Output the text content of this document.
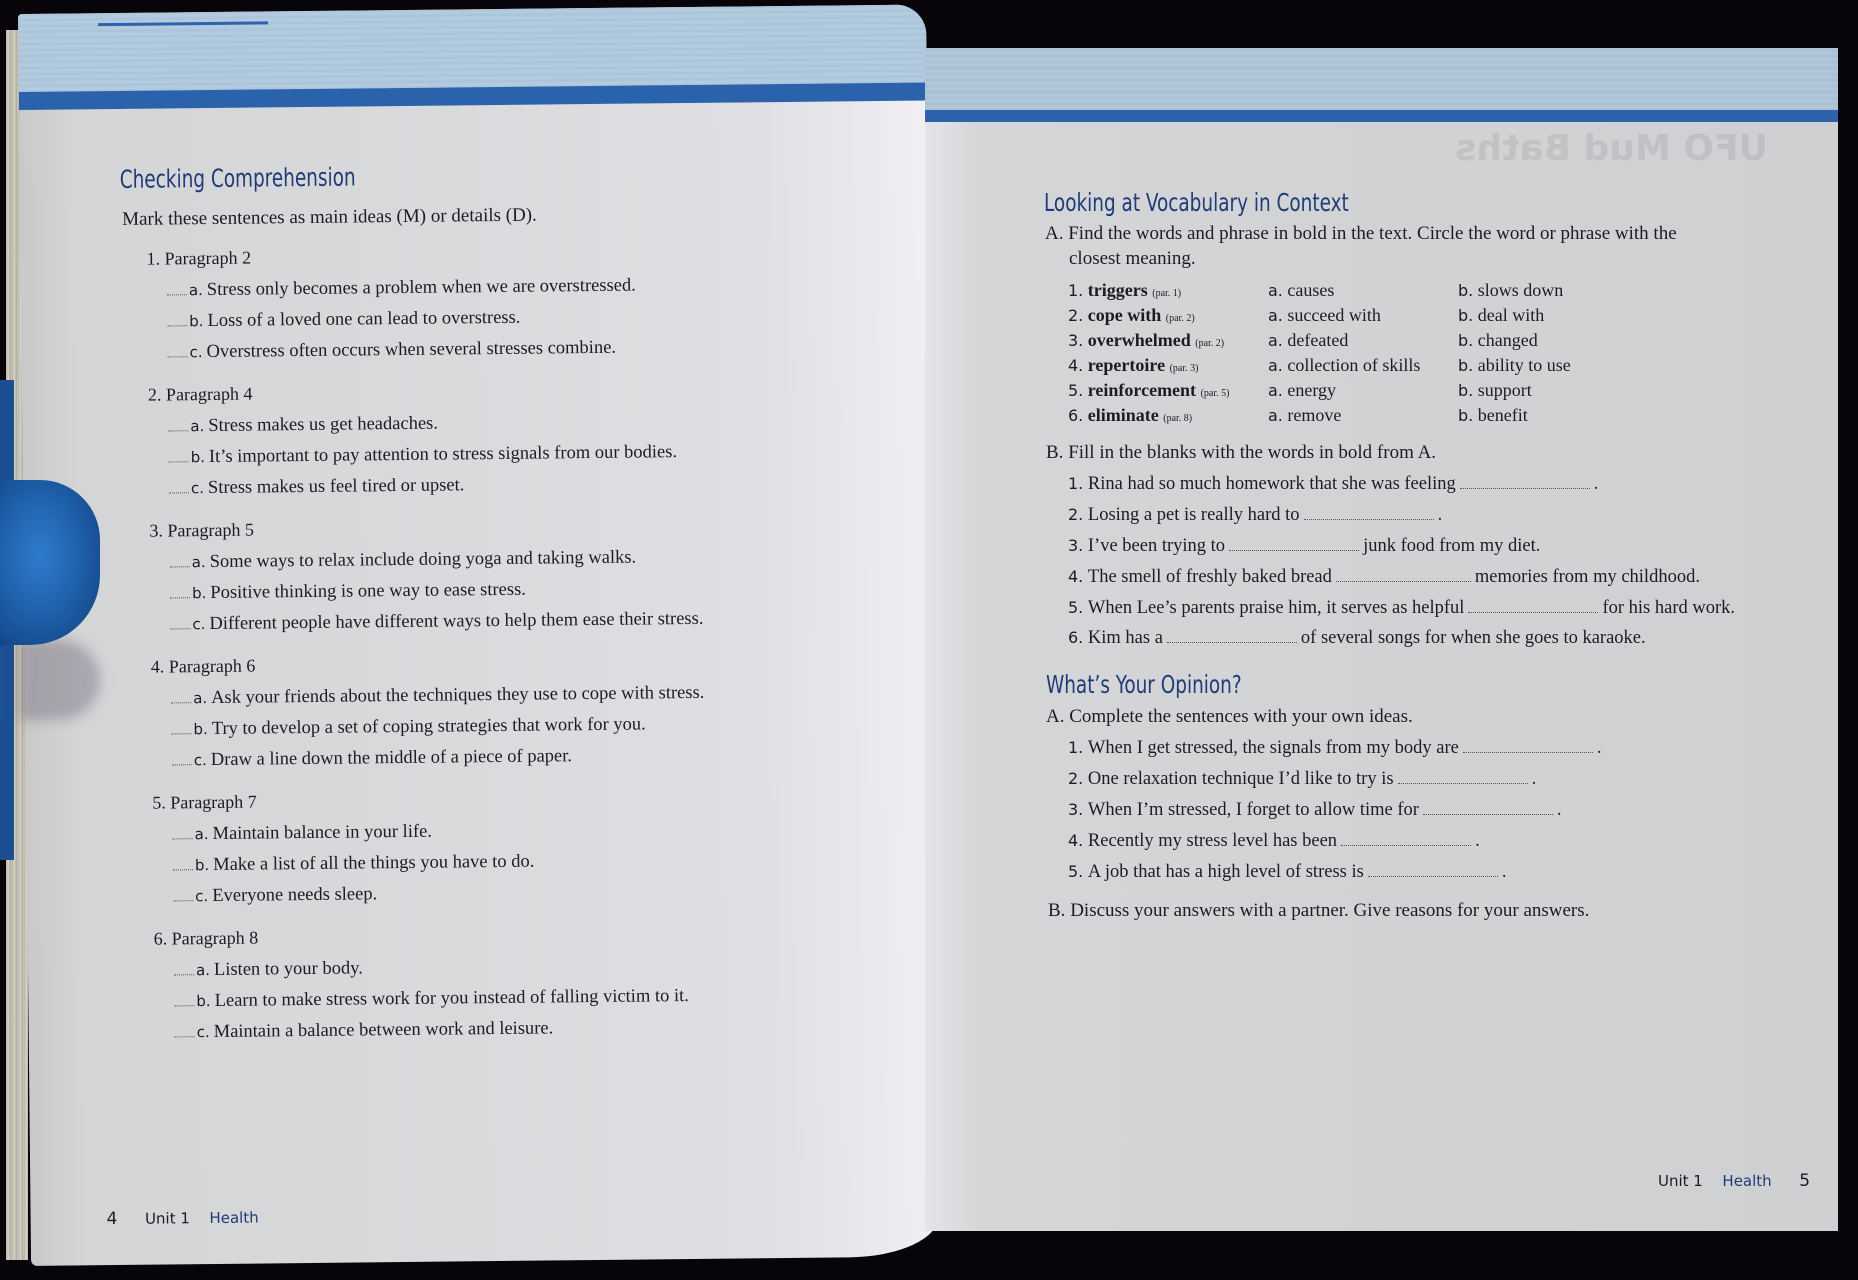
Checking Comprehension
Mark these sentences as main ideas (M) or details (D).
1. Paragraph 2
a. Stress only becomes a problem when we are overstressed.
b. Loss of a loved one can lead to overstress.
c. Overstress often occurs when several stresses combine.
2. Paragraph 4
a. Stress makes us get headaches.
b. It’s important to pay attention to stress signals from our bodies.
c. Stress makes us feel tired or upset.
3. Paragraph 5
a. Some ways to relax include doing yoga and taking walks.
b. Positive thinking is one way to ease stress.
c. Different people have different ways to help them ease their stress.
4. Paragraph 6
a. Ask your friends about the techniques they use to cope with stress.
b. Try to develop a set of coping strategies that work for you.
c. Draw a line down the middle of a piece of paper.
5. Paragraph 7
a. Maintain balance in your life.
b. Make a list of all the things you have to do.
c. Everyone needs sleep.
6. Paragraph 8
a. Listen to your body.
b. Learn to make stress work for you instead of falling victim to it.
c. Maintain a balance between work and leisure.
4 Unit 1 Health
UFO Mud Baths
Looking at Vocabulary in Context
A. Find the words and phrase in bold in the text. Circle the word or phrase with the
closest meaning.
1. triggers (par. 1)	a. causes	b. slows down
2. cope with (par. 2)	a. succeed with	b. deal with
3. overwhelmed (par. 2)	a. defeated	b. changed
4. repertoire (par. 3)	a. collection of skills b. ability to use
5. reinforcement (par. 5) a. energy	b. support
6. eliminate (par. 8)	a. remove	b. benefit
B. Fill in the blanks with the words in bold from A.
1.
Rina had so much homework that she was feeling	.
2.
Losing a pet is really hard to	.
3.
I’ve been trying to	junk food from my diet.
4.
The smell of freshly baked bread	memories from my childhood.
5.
When Lee’s parents praise him, it serves as helpful	for his hard work.
6.
Kim has a	of several songs for when she goes to karaoke.
What’s Your Opinion?
A. Complete the sentences with your own ideas.
1.
When I get stressed, the signals from my body are	.
2.
One relaxation technique I’d like to try is	.
3.
When I’m stressed, I forget to allow time for	.
4.
Recently my stress level has been	.
5.
A job that has a high level of stress is	.
B. Discuss your answers with a partner. Give reasons for your answers.
Unit 1 Health 5
